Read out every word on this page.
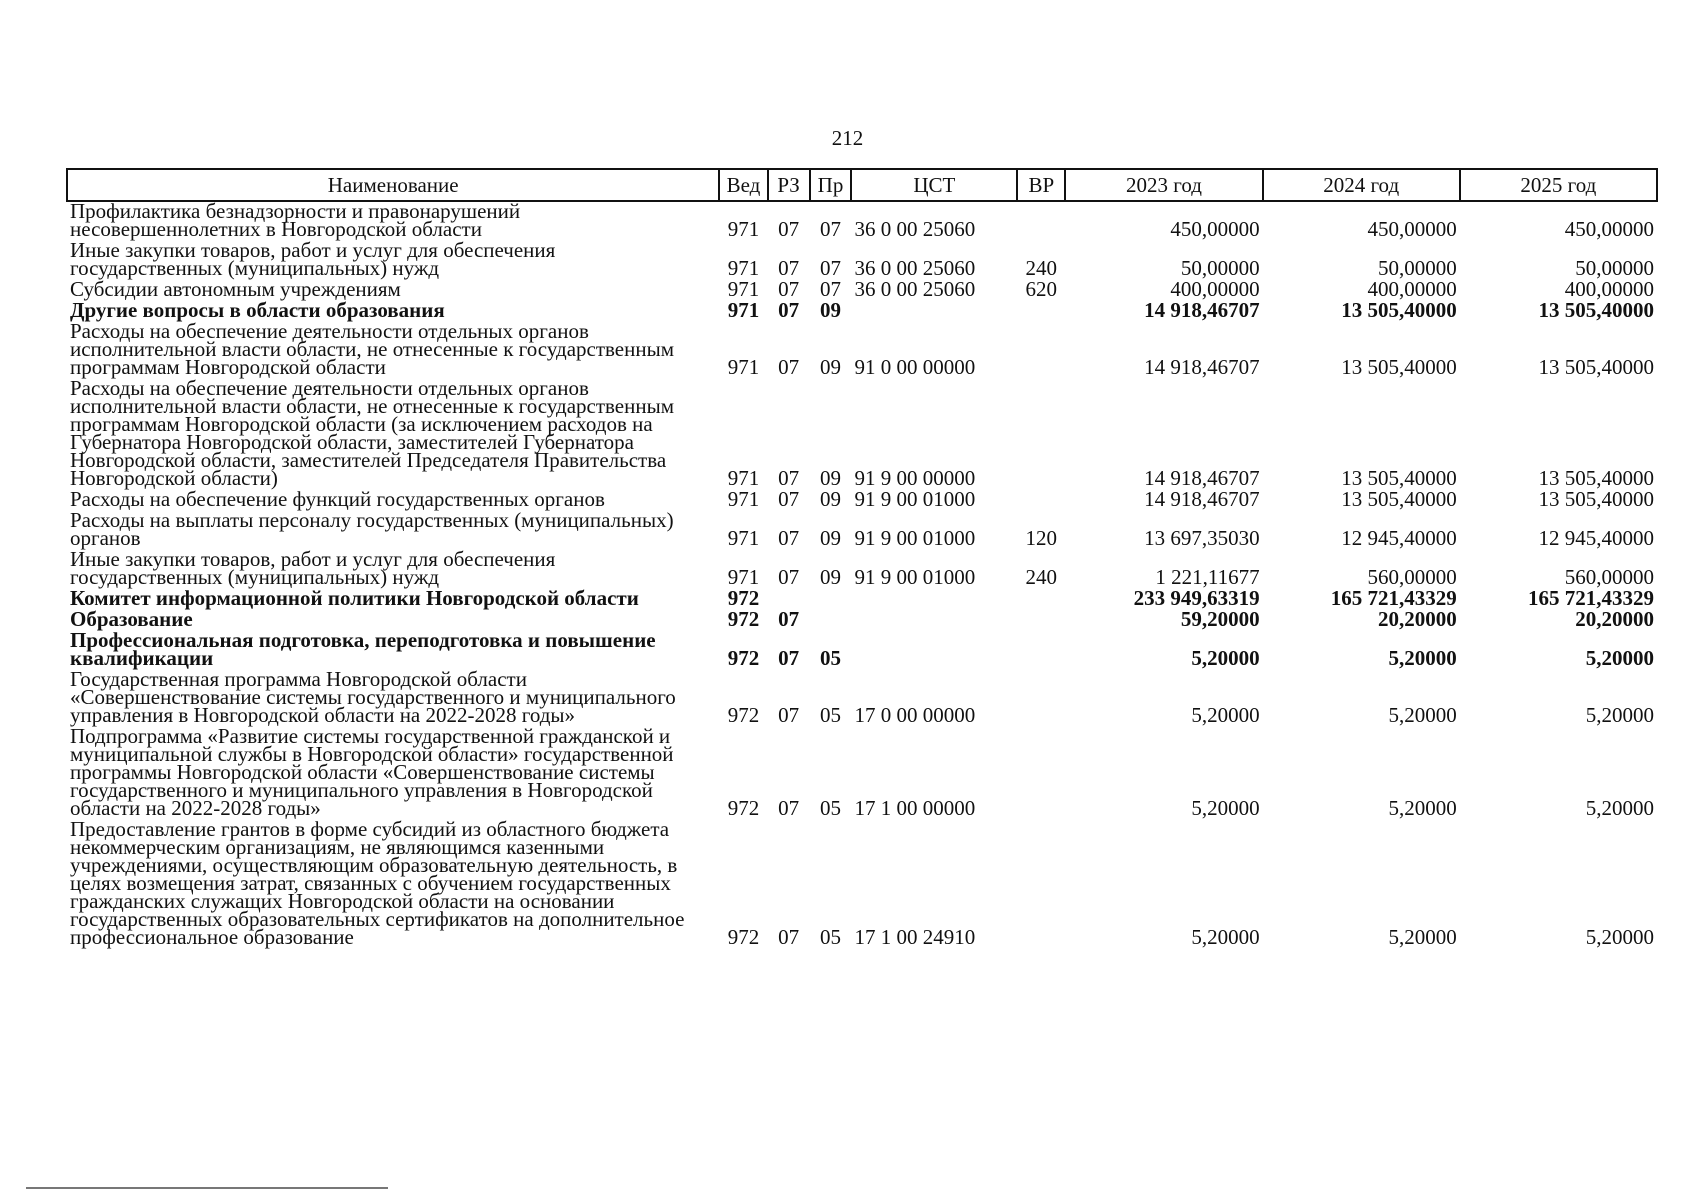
212
Наименование	Вед	РЗ	Пр	ЦСТ	ВР	2023 год	2024 год	2025 год
Профилактика безнадзорности и правонарушений несовершеннолетних в Новгородской области	971	07	07	36 0 00 25060		450,00000	450,00000	450,00000
Иные закупки товаров, работ и услуг для обеспечения государственных (муниципальных) нужд	971	07	07	36 0 00 25060	240	50,00000	50,00000	50,00000
Субсидии автономным учреждениям	971	07	07	36 0 00 25060	620	400,00000	400,00000	400,00000
Другие вопросы в области образования	971	07	09			14 918,46707	13 505,40000	13 505,40000
Расходы на обеспечение деятельности отдельных органов исполнительной власти области, не отнесенные к государственным программам Новгородской области	971	07	09	91 0 00 00000		14 918,46707	13 505,40000	13 505,40000
Расходы на обеспечение деятельности отдельных органов исполнительной власти области, не отнесенные к государственным программам Новгородской области (за исключением расходов на Губернатора Новгородской области, заместителей Губернатора Новгородской области, заместителей Председателя Правительства Новгородской области)	971	07	09	91 9 00 00000		14 918,46707	13 505,40000	13 505,40000
Расходы на обеспечение функций государственных органов	971	07	09	91 9 00 01000		14 918,46707	13 505,40000	13 505,40000
Расходы на выплаты персоналу государственных (муниципальных) органов	971	07	09	91 9 00 01000	120	13 697,35030	12 945,40000	12 945,40000
Иные закупки товаров, работ и услуг для обеспечения государственных (муниципальных) нужд	971	07	09	91 9 00 01000	240	1 221,11677	560,00000	560,00000
Комитет информационной политики Новгородской области	972					233 949,63319	165 721,43329	165 721,43329
Образование	972	07				59,20000	20,20000	20,20000
Профессиональная подготовка, переподготовка и повышение квалификации	972	07	05			5,20000	5,20000	5,20000
Государственная программа Новгородской области «Совершенствование системы государственного и муниципального управления в Новгородской области на 2022-2028 годы»	972	07	05	17 0 00 00000		5,20000	5,20000	5,20000
Подпрограмма «Развитие системы государственной гражданской и муниципальной службы в Новгородской области» государственной программы Новгородской области «Совершенствование системы государственного и муниципального управления в Новгородской области на 2022-2028 годы»	972	07	05	17 1 00 00000		5,20000	5,20000	5,20000
Предоставление грантов в форме субсидий из областного бюджета некоммерческим организациям, не являющимся казенными учреждениями, осуществляющим образовательную деятельность, в целях возмещения затрат, связанных с обучением государственных гражданских служащих Новгородской области на основании государственных образовательных сертификатов на дополнительное профессиональное образование	972	07	05	17 1 00 24910		5,20000	5,20000	5,20000
